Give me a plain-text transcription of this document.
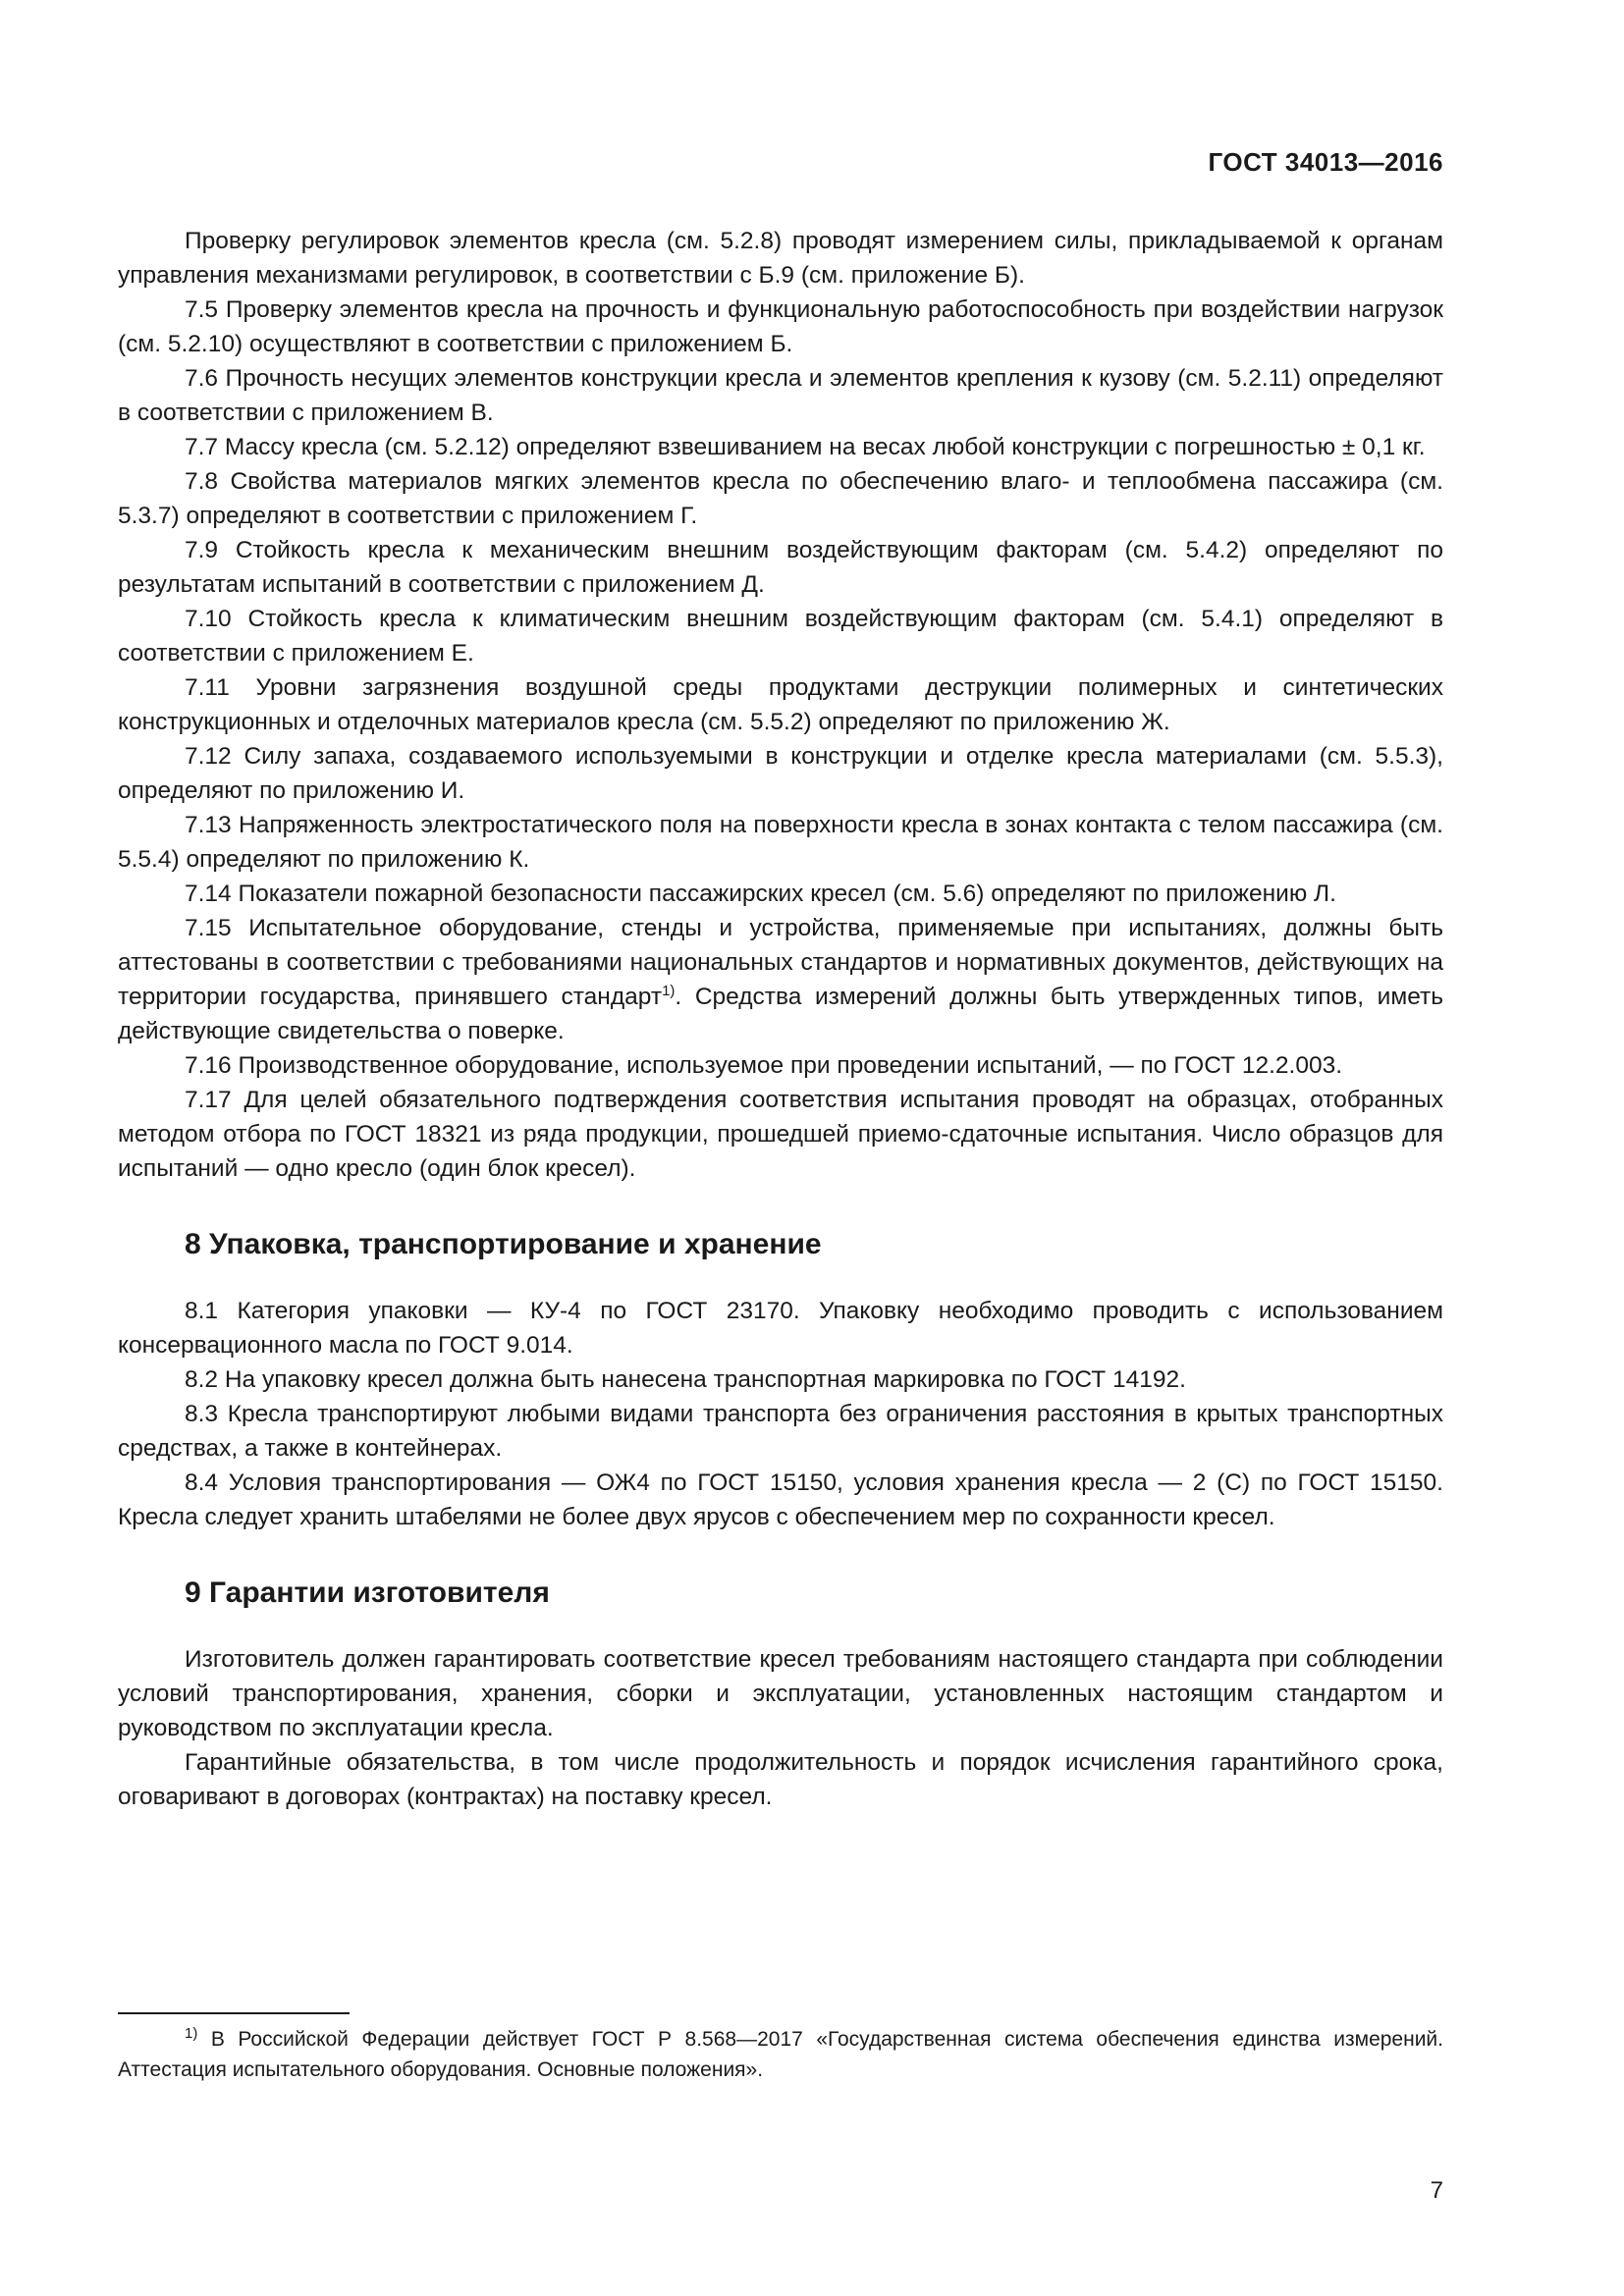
ГОСТ 34013—2016

Проверку регулировок элементов кресла (см. 5.2.8) проводят измерением силы, прикладываемой к органам управления механизмами регулировок, в соответствии с Б.9 (см. приложение Б).

7.5 Проверку элементов кресла на прочность и функциональную работоспособность при воздействии нагрузок (см. 5.2.10) осуществляют в соответствии с приложением Б.

7.6 Прочность несущих элементов конструкции кресла и элементов крепления к кузову (см. 5.2.11) определяют в соответствии с приложением В.

7.7 Массу кресла (см. 5.2.12) определяют взвешиванием на весах любой конструкции с погрешностью ± 0,1 кг.

7.8 Свойства материалов мягких элементов кресла по обеспечению влаго- и теплообмена пассажира (см. 5.3.7) определяют в соответствии с приложением Г.

7.9 Стойкость кресла к механическим внешним воздействующим факторам (см. 5.4.2) определяют по результатам испытаний в соответствии с приложением Д.

7.10 Стойкость кресла к климатическим внешним воздействующим факторам (см. 5.4.1) определяют в соответствии с приложением Е.

7.11 Уровни загрязнения воздушной среды продуктами деструкции полимерных и синтетических конструкционных и отделочных материалов кресла (см. 5.5.2) определяют по приложению Ж.

7.12 Силу запаха, создаваемого используемыми в конструкции и отделке кресла материалами (см. 5.5.3), определяют по приложению И.

7.13 Напряженность электростатического поля на поверхности кресла в зонах контакта с телом пассажира (см. 5.5.4) определяют по приложению К.

7.14 Показатели пожарной безопасности пассажирских кресел (см. 5.6) определяют по приложению Л.

7.15 Испытательное оборудование, стенды и устройства, применяемые при испытаниях, должны быть аттестованы в соответствии с требованиями национальных стандартов и нормативных документов, действующих на территории государства, принявшего стандарт$^{1)}$. Средства измерений должны быть утвержденных типов, иметь действующие свидетельства о поверке.

7.16 Производственное оборудование, используемое при проведении испытаний, — по ГОСТ 12.2.003.

7.17 Для целей обязательного подтверждения соответствия испытания проводят на образцах, отобранных методом отбора по ГОСТ 18321 из ряда продукции, прошедшей приемо-сдаточные испытания. Число образцов для испытаний — одно кресло (один блок кресел).

8 Упаковка, транспортирование и хранение

8.1 Категория упаковки — КУ-4 по ГОСТ 23170. Упаковку необходимо проводить с использованием консервационного масла по ГОСТ 9.014.

8.2 На упаковку кресел должна быть нанесена транспортная маркировка по ГОСТ 14192.

8.3 Кресла транспортируют любыми видами транспорта без ограничения расстояния в крытых транспортных средствах, а также в контейнерах.

8.4 Условия транспортирования — ОЖ4 по ГОСТ 15150, условия хранения кресла — 2 (С) по ГОСТ 15150. Кресла следует хранить штабелями не более двух ярусов с обеспечением мер по сохранности кресел.

9 Гарантии изготовителя

Изготовитель должен гарантировать соответствие кресел требованиям настоящего стандарта при соблюдении условий транспортирования, хранения, сборки и эксплуатации, установленных настоящим стандартом и руководством по эксплуатации кресла.

Гарантийные обязательства, в том числе продолжительность и порядок исчисления гарантийного срока, оговаривают в договорах (контрактах) на поставку кресел.

$^{1)}$ В Российской Федерации действует ГОСТ Р 8.568—2017 «Государственная система обеспечения единства измерений. Аттестация испытательного оборудования. Основные положения».

7
